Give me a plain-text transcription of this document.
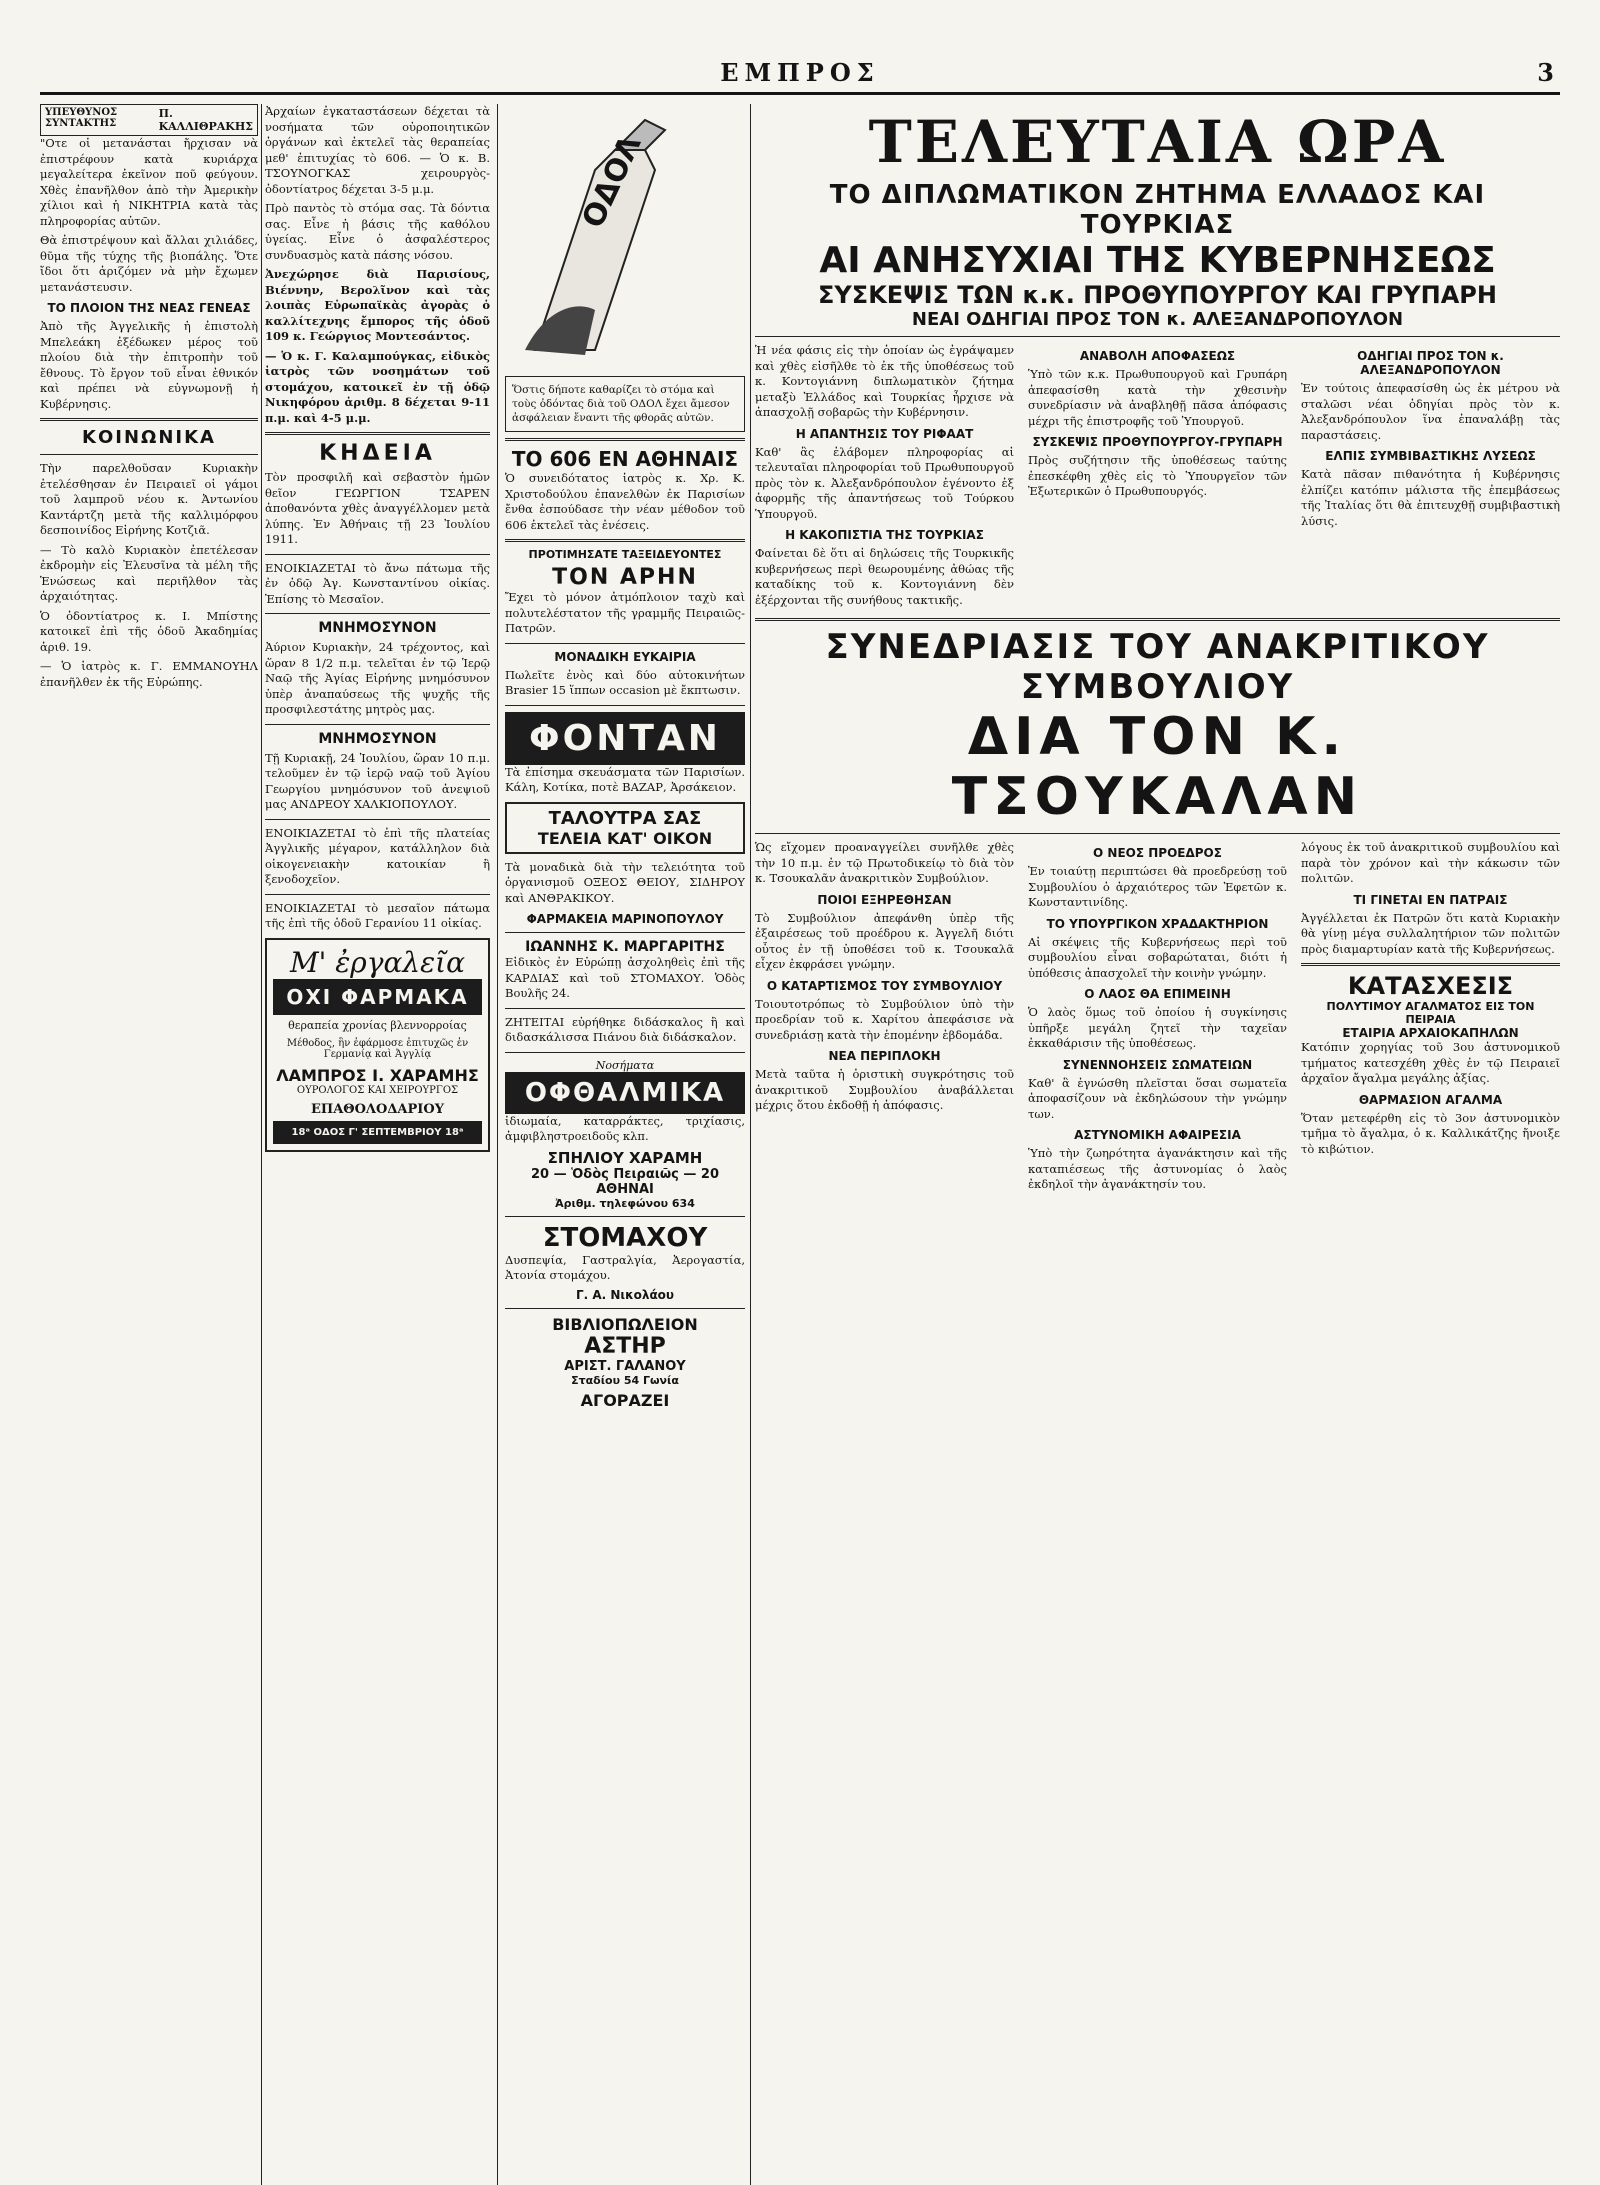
ΕΜΠΡΟΣ	3
ΥΠΕΥΘΥΝΟΣ ΣΥΝΤΑΚΤΗΣ
Π. ΚΑΛΛΙΘΡΑΚΗΣ

"Οτε οἱ μετανάσται ἤρχισαν νὰ ἐπιστρέφουν κατὰ κυριάρχα μεγαλείτερα ἐκεῖνον ποῦ φεύγουν. Χθὲς ἐπανῆλθον ἀπὸ τὴν Ἀμερικὴν χίλιοι καὶ ἡ ΝΙΚΗΤΡΙΑ κατὰ τὰς πληροφορίας αὐτῶν.

Θὰ ἐπιστρέψουν καὶ ἄλλαι χιλιάδες, θῦμα τῆς τύχης τῆς βιοπάλης. Ὅτε ἴδοι ὅτι ἀριζόμεν νὰ μὴν ἔχωμεν μετανάστευσιν.

ΤΟ ΠΛΟΙΟΝ ΤΗΣ ΝΕΑΣ ΓΕΝΕΑΣ

Ἀπὸ τῆς Ἀγγελικῆς ἡ ἐπιστολὴ Μπελεάκη ἐξέδωκεν μέρος τοῦ πλοίου διὰ τὴν ἐπιτροπὴν τοῦ ἔθνους. Τὸ ἔργον τοῦ εἶναι ἐθνικόν καὶ πρέπει νὰ εὐγνωμονῇ ἡ Κυβέρνησις.

ΚΟΙΝΩΝΙΚΑ

Τὴν παρελθοῦσαν Κυριακὴν ἐτελέσθησαν ἐν Πειραιεῖ οἱ γάμοι τοῦ λαμπροῦ νέου κ. Ἀντωνίου Καντάρτζη μετὰ τῆς καλλιμόρφου δεσποινίδος Εἰρήνης Κοτζιᾶ.

— Τὸ καλὸ Κυριακὸν ἐπετέλεσαν ἐκδρομὴν εἰς Ἐλευσῖνα τὰ μέλη τῆς Ἑνώσεως καὶ περιῆλθον τὰς ἀρχαιότητας.

Ὁ ὀδοντίατρος κ. Ι. Μπίστης κατοικεῖ ἐπὶ τῆς ὁδοῦ Ἀκαδημίας ἀριθ. 19.

— Ὁ ἰατρὸς κ. Γ. ΕΜΜΑΝΟΥΗΛ ἐπανῆλθεν ἐκ τῆς Εὐρώπης.

Ἀρχαίων ἐγκαταστάσεων δέχεται τὰ νοσήματα τῶν οὐροποιητικῶν ὀργάνων καὶ ἐκτελεῖ τὰς θεραπείας μεθ' ἐπιτυχίας τὸ 606. — Ὁ κ. Β. ΤΣΟΥΝΟΓΚΑΣ χειρουργὸς-ὀδοντίατρος δέχεται 3-5 μ.μ.

Πρὸ παντὸς τὸ στόμα σας. Τὰ δόντια σας. Εἶνε ἡ βάσις τῆς καθόλου ὑγείας. Εἶνε ὁ ἀσφαλέστερος συνδυασμὸς κατὰ πάσης νόσου.

Ἀνεχώρησε διὰ Παρισίους, Βιέννην, Βερολῖνον καὶ τὰς λοιπὰς Εὐρωπαϊκὰς ἀγορὰς ὁ καλλίτεχνης ἔμπορος τῆς ὁδοῦ 109 κ. Γεώργιος Μοντεσάντος.

— Ὁ κ. Γ. Καλαμπούγκας, εἰδικὸς ἰατρὸς τῶν νοσημάτων τοῦ στομάχου, κατοικεῖ ἐν τῇ ὁδῷ Νικηφόρου ἀριθμ. 8 δέχεται 9-11 π.μ. καὶ 4-5 μ.μ.

ΚΗΔΕΙΑ

Τὸν προσφιλῆ καὶ σεβαστὸν ἡμῶν θεῖον ΓΕΩΡΓΙΟΝ ΤΣΑΡΕΝ ἀποθανόντα χθὲς ἀναγγέλλομεν μετὰ λύπης. Ἐν Ἀθήναις τῇ 23 Ἰουλίου 1911.

ΕΝΟΙΚΙΑΖΕΤΑΙ τὸ ἄνω πάτωμα τῆς ἐν ὁδῷ Ἀγ. Κωνσταντίνου οἰκίας. Ἐπίσης τὸ Μεσαῖον.

ΜΝΗΜΟΣΥΝΟΝ

Ἀύριον Κυριακὴν, 24 τρέχοντος, καὶ ὥραν 8 1/2 π.μ. τελεῖται ἐν τῷ Ἱερῷ Ναῷ τῆς Ἀγίας Εἰρήνης μνημόσυνον ὑπὲρ ἀναπαύσεως τῆς ψυχῆς τῆς προσφιλεστάτης μητρὸς μας.

ΜΝΗΜΟΣΥΝΟΝ

Τῇ Κυριακῇ, 24 Ἰουλίου, ὥραν 10 π.μ. τελοῦμεν ἐν τῷ ἱερῷ ναῷ τοῦ Ἁγίου Γεωργίου μνημόσυνον τοῦ ἀνεψιοῦ μας ΑΝΔΡΕΟΥ ΧΑΛΚΙΟΠΟΥΛΟΥ.

ΕΝΟΙΚΙΑΖΕΤΑΙ τὸ ἐπὶ τῆς πλατείας Ἀγγλικῆς μέγαρον, κατάλληλον διὰ οἰκογενειακὴν κατοικίαν ἢ ξενοδοχεῖον.

ΕΝΟΙΚΙΑΖΕΤΑΙ τὸ μεσαῖον πάτωμα τῆς ἐπὶ τῆς ὁδοῦ Γερανίου 11 οἰκίας.

Μ' ἐργαλεῖα
ΟΧΙ ΦΑΡΜΑΚΑ
θεραπεία χρονίας βλεννορροίας
Μέθοδος, ἣν ἐφάρμοσε ἐπιτυχῶς ἐν Γερμανίᾳ καὶ Ἀγγλίᾳ
ΛΑΜΠΡΟΣ Ι. ΧΑΡΑΜΗΣ
ΟΥΡΟΛΟΓΟΣ ΚΑΙ ΧΕΙΡΟΥΡΓΟΣ
ΕΠΑΘΟΛΟΔΑΡΙΟΥ
18ᵃ ΟΔΟΣ Γ' ΣΕΠΤΕΜΒΡΙΟΥ 18ᵃ
ΟΔΟΛ
Ὅστις δήποτε καθαρίζει τὸ στόμα καὶ τοὺς ὀδόντας διὰ τοῦ ΟΔΟΛ ἔχει ἄμεσον ἀσφάλειαν ἔναντι τῆς φθορᾶς αὐτῶν.
ΤΟ 606 ΕΝ ΑΘΗΝΑΙΣ

Ὁ συνειδότατος ἰατρὸς κ. Χρ. Κ. Χριστοδούλου ἐπανελθὼν ἐκ Παρισίων ἔνθα ἐσπούδασε τὴν νέαν μέθοδον τοῦ 606 ἐκτελεῖ τὰς ἐνέσεις.

ΠΡΟΤΙΜΗΣΑΤΕ ΤΑΞΕΙΔΕΥΟΝΤΕΣ
ΤΟΝ ΑΡΗΝ

Ἔχει τὸ μόνον ἀτμόπλοιον ταχὺ καὶ πολυτελέστατον τῆς γραμμῆς Πειραιῶς-Πατρῶν.

ΜΟΝΑΔΙΚΗ ΕΥΚΑΙΡΙΑ

Πωλεῖτε ἐνὸς καὶ δύο αὐτοκινήτων Brasier 15 ἵππων occasion μὲ ἔκπτωσιν.

ΦΟΝΤΑΝ

Τὰ ἐπίσημα σκευάσματα τῶν Παρισίων. Κάλη, Κοτίκα, ποτὲ ΒΑΖΑΡ, Ἀρσάκειον.

ΤΑΛΟΥΤΡΑ ΣΑΣ
ΤΕΛΕΙΑ ΚΑΤ' ΟΙΚΟΝ

Τὰ μοναδικὰ διὰ τὴν τελειότητα τοῦ ὀργανισμοῦ ΟΞΕΟΣ ΘΕΙΟΥ, ΣΙΔΗΡΟΥ καὶ ΑΝΘΡΑΚΙΚΟΥ.

ΦΑΡΜΑΚΕΙΑ ΜΑΡΙΝΟΠΟΥΛΟΥ
ΙΩΑΝΝΗΣ Κ. ΜΑΡΓΑΡΙΤΗΣ

Εἰδικὸς ἐν Εὐρώπῃ ἀσχοληθεὶς ἐπὶ τῆς ΚΑΡΔΙΑΣ καὶ τοῦ ΣΤΟΜΑΧΟΥ. Ὁδὸς Βουλῆς 24.

ΖΗΤΕΙΤΑΙ εὐρήθηκε διδάσκαλος ἢ καὶ διδασκάλισσα Πιάνου διὰ διδάσκαλον.

Νοσήματα
ΟΦΘΑΛΜΙΚΑ

ἰδιωμαία, καταρράκτες, τριχίασις, ἀμφιβληστροειδοῦς κλπ.

ΣΠΗΛΙΟΥ ΧΑΡΑΜΗ
20 — Ὁδὸς Πειραιῶς — 20
ΑΘΗΝΑΙ
Ἀριθμ. τηλεφώνου 634
ΣΤΟΜΑΧΟΥ

Δυσπεψία, Γαστραλγία, Ἀερογαστία, Ἀτονία στομάχου.

Γ. Α. Νικολάου
ΒΙΒΛΙΟΠΩΛΕΙΟΝ
ΑΣΤΗΡ
ΑΡΙΣΤ. ΓΑΛΑΝΟΥ
Σταδίου 54 Γωνία
ΑΓΟΡΑΖΕΙ
ΤΕΛΕΥΤΑΙΑ ΩΡΑ
ΤΟ ΔΙΠΛΩΜΑΤΙΚΟΝ ΖΗΤΗΜΑ ΕΛΛΑΔΟΣ ΚΑΙ ΤΟΥΡΚΙΑΣ
ΑΙ ΑΝΗΣΥΧΙΑΙ ΤΗΣ ΚΥΒΕΡΝΗΣΕΩΣ
ΣΥΣΚΕΨΙΣ ΤΩΝ κ.κ. ΠΡΟΘΥΠΟΥΡΓΟΥ ΚΑΙ ΓΡΥΠΑΡΗ
ΝΕΑΙ ΟΔΗΓΙΑΙ ΠΡΟΣ ΤΟΝ κ. ΑΛΕΞΑΝΔΡΟΠΟΥΛΟΝ

Ἡ νέα φάσις εἰς τὴν ὁποίαν ὡς ἐγράψαμεν καὶ χθὲς εἰσῆλθε τὸ ἐκ τῆς ὑποθέσεως τοῦ κ. Κοντογιάννη διπλωματικὸν ζήτημα μεταξὺ Ἑλλάδος καὶ Τουρκίας ἦρχισε νὰ ἀπασχολῇ σοβαρῶς τὴν Κυβέρνησιν.

Η ΑΠΑΝΤΗΣΙΣ ΤΟΥ ΡΙΦΑΑΤ

Καθ' ἃς ἐλάβομεν πληροφορίας αἱ τελευταῖαι πληροφορίαι τοῦ Πρωθυπουργοῦ πρὸς τὸν κ. Ἀλεξανδρόπουλον ἐγένοντο ἐξ ἀφορμῆς τῆς ἀπαντήσεως τοῦ Τούρκου Ὑπουργοῦ.

Η ΚΑΚΟΠΙΣΤΙΑ ΤΗΣ ΤΟΥΡΚΙΑΣ

Φαίνεται δὲ ὅτι αἱ δηλώσεις τῆς Τουρκικῆς κυβερνήσεως περὶ θεωρουμένης ἀθώας τῆς καταδίκης τοῦ κ. Κοντογιάννη δὲν ἐξέρχονται τῆς συνήθους τακτικῆς.

ΑΝΑΒΟΛΗ ΑΠΟΦΑΣΕΩΣ

Ὑπὸ τῶν κ.κ. Πρωθυπουργοῦ καὶ Γρυπάρη ἀπεφασίσθη κατὰ τὴν χθεσινὴν συνεδρίασιν νὰ ἀναβληθῇ πᾶσα ἀπόφασις μέχρι τῆς ἐπιστροφῆς τοῦ Ὑπουργοῦ.

ΣΥΣΚΕΨΙΣ ΠΡΟΘΥΠΟΥΡΓΟΥ-ΓΡΥΠΑΡΗ

Πρὸς συζήτησιν τῆς ὑποθέσεως ταύτης ἐπεσκέφθη χθὲς εἰς τὸ Ὑπουργεῖον τῶν Ἐξωτερικῶν ὁ Πρωθυπουργός.

ΟΔΗΓΙΑΙ ΠΡΟΣ ΤΟΝ κ. ΑΛΕΞΑΝΔΡΟΠΟΥΛΟΝ

Ἐν τούτοις ἀπεφασίσθη ὡς ἐκ μέτρου νὰ σταλῶσι νέαι ὁδηγίαι πρὸς τὸν κ. Ἀλεξανδρόπουλον ἵνα ἐπαναλάβῃ τὰς παραστάσεις.

ΕΛΠΙΣ ΣΥΜΒΙΒΑΣΤΙΚΗΣ ΛΥΣΕΩΣ

Κατὰ πᾶσαν πιθανότητα ἡ Κυβέρνησις ἐλπίζει κατόπιν μάλιστα τῆς ἐπεμβάσεως τῆς Ἰταλίας ὅτι θὰ ἐπιτευχθῇ συμβιβαστικὴ λύσις.

ΣΥΝΕΔΡΙΑΣΙΣ ΤΟΥ ΑΝΑΚΡΙΤΙΚΟΥ ΣΥΜΒΟΥΛΙΟΥ
ΔΙΑ ΤΟΝ Κ. ΤΣΟΥΚΑΛΑΝ

Ὡς εἴχομεν προαναγγείλει συνῆλθε χθὲς τὴν 10 π.μ. ἐν τῷ Πρωτοδικείῳ τὸ διὰ τὸν κ. Τσουκαλᾶν ἀνακριτικὸν Συμβούλιον.

ΠΟΙΟΙ ΕΞΗΡΕΘΗΣΑΝ

Τὸ Συμβούλιον ἀπεφάνθη ὑπὲρ τῆς ἐξαιρέσεως τοῦ προέδρου κ. Ἀγγελῆ διότι οὗτος ἐν τῇ ὑποθέσει τοῦ κ. Τσουκαλᾶ εἶχεν ἐκφράσει γνώμην.

Ο ΚΑΤΑΡΤΙΣΜΟΣ ΤΟΥ ΣΥΜΒΟΥΛΙΟΥ

Τοιουτοτρόπως τὸ Συμβούλιον ὑπὸ τὴν προεδρίαν τοῦ κ. Χαρίτου ἀπεφάσισε νὰ συνεδριάσῃ κατὰ τὴν ἑπομένην ἑβδομάδα.

ΝΕΑ ΠΕΡΙΠΛΟΚΗ

Μετὰ ταῦτα ἡ ὁριστικὴ συγκρότησις τοῦ ἀνακριτικοῦ Συμβουλίου ἀναβάλλεται μέχρις ὅτου ἐκδοθῇ ἡ ἀπόφασις.

Ο ΝΕΟΣ ΠΡΟΕΔΡΟΣ

Ἐν τοιαύτῃ περιπτώσει θὰ προεδρεύσῃ τοῦ Συμβουλίου ὁ ἀρχαιότερος τῶν Ἐφετῶν κ. Κωνσταντινίδης.

ΤΟ ΥΠΟΥΡΓΙΚΟΝ ΧΡΑΔΑΚΤΗΡΙΟΝ

Αἱ σκέψεις τῆς Κυβερνήσεως περὶ τοῦ συμβουλίου εἶναι σοβαρώταται, διότι ἡ ὑπόθεσις ἀπασχολεῖ τὴν κοινὴν γνώμην.

Ο ΛΑΟΣ ΘΑ ΕΠΙΜΕΙΝΗ

Ὁ λαὸς ὅμως τοῦ ὁποίου ἡ συγκίνησις ὑπῆρξε μεγάλη ζητεῖ τὴν ταχεῖαν ἐκκαθάρισιν τῆς ὑποθέσεως.

ΣΥΝΕΝΝΟΗΣΕΙΣ ΣΩΜΑΤΕΙΩΝ

Καθ' ἃ ἐγνώσθη πλεῖσται ὅσαι σωματεῖα ἀποφασίζουν νὰ ἐκδηλώσουν τὴν γνώμην των.

ΑΣΤΥΝΟΜΙΚΗ ΑΦΑΙΡΕΣΙΑ

Ὑπὸ τὴν ζωηρότητα ἀγανάκτησιν καὶ τῆς καταπιέσεως τῆς ἀστυνομίας ὁ λαὸς ἐκδηλοῖ τὴν ἀγανάκτησίν του.

λόγους ἐκ τοῦ ἀνακριτικοῦ συμβουλίου καὶ παρὰ τὸν χρόνον καὶ τὴν κάκωσιν τῶν πολιτῶν.

ΤΙ ΓΙΝΕΤΑΙ ΕΝ ΠΑΤΡΑΙΣ

Ἀγγέλλεται ἐκ Πατρῶν ὅτι κατὰ Κυριακὴν θὰ γίνῃ μέγα συλλαλητήριον τῶν πολιτῶν πρὸς διαμαρτυρίαν κατὰ τῆς Κυβερνήσεως.

ΚΑΤΑΣΧΕΣΙΣ
ΠΟΛΥΤΙΜΟΥ ΑΓΑΛΜΑΤΟΣ ΕΙΣ ΤΟΝ ΠΕΙΡΑΙΑ
ΕΤΑΙΡΙΑ ΑΡΧΑΙΟΚΑΠΗΛΩΝ

Κατόπιν χορηγίας τοῦ 3ου ἀστυνομικοῦ τμήματος κατεσχέθη χθὲς ἐν τῷ Πειραιεῖ ἀρχαῖον ἄγαλμα μεγάλης ἀξίας.

ΘΑΡΜΑΣΙΟΝ ΑΓΑΛΜΑ

Ὅταν μετεφέρθη εἰς τὸ 3ον ἀστυνομικὸν τμῆμα τὸ ἄγαλμα, ὁ κ. Καλλικάτζης ἤνοιξε τὸ κιβώτιον.
